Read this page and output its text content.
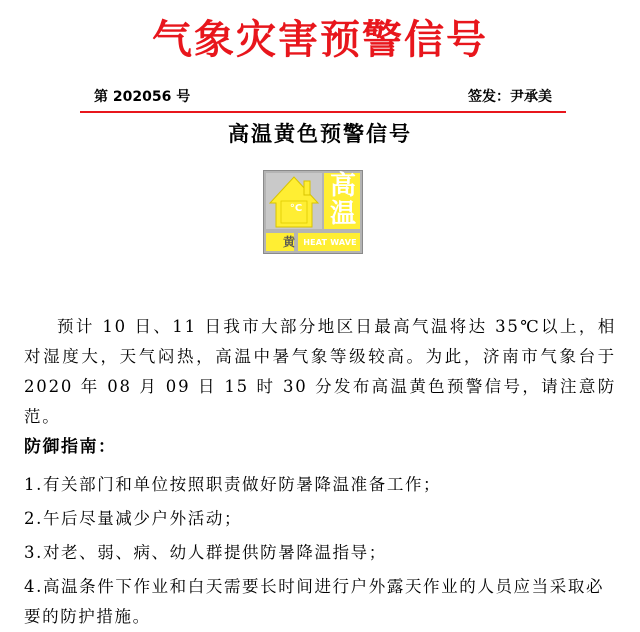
气象灾害预警信号
第 202056 号	签发：尹承美
高温黄色预警信号
°C
高
温
黄	HEAT WAVE

预计 10 日、11 日我市大部分地区日最高气温将达 35℃以上，相对湿度大，天气闷热，高温中暑气象等级较高。为此，济南市气象台于 2020 年 08 月 09 日 15 时 30 分发布高温黄色预警信号，请注意防范。

防御指南：
1.有关部门和单位按照职责做好防暑降温准备工作；
2.午后尽量减少户外活动；
3.对老、弱、病、幼人群提供防暑降温指导；
4.高温条件下作业和白天需要长时间进行户外露天作业的人员应当采取必要的防护措施。
